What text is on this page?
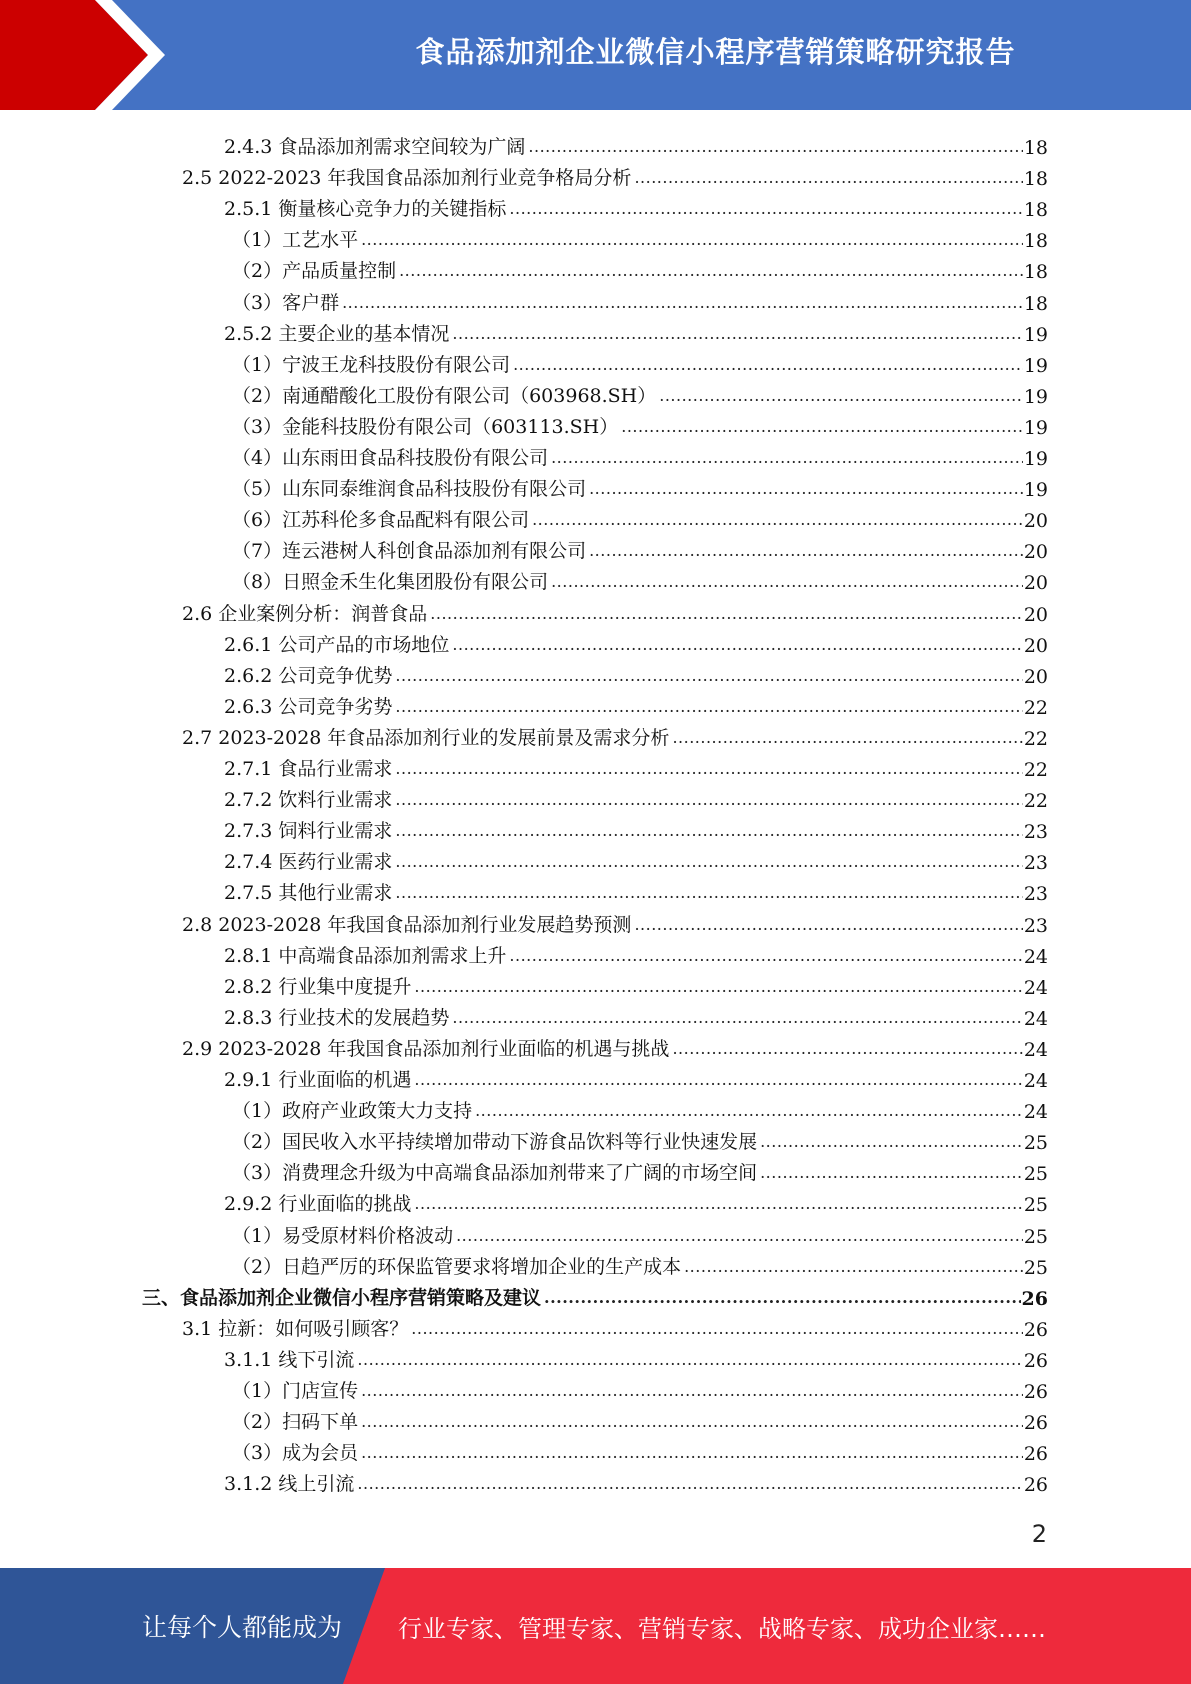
食品添加剂企业微信小程序营销策略研究报告
2.4.3 食品添加剂需求空间较为广阔 .....	18
2.5 2022-2023 年我国食品添加剂行业竞争格局分析 .....	18
2.5.1 衡量核心竞争力的关键指标 .....	18
（1）工艺水平 .....	18
（2）产品质量控制 .....	18
（3）客户群 .....	18
2.5.2 主要企业的基本情况 .....	19
（1）宁波王龙科技股份有限公司 .....	19
（2）南通醋酸化工股份有限公司（603968.SH） .....	19
（3）金能科技股份有限公司（603113.SH） .....	19
（4）山东雨田食品科技股份有限公司 .....	19
（5）山东同泰维润食品科技股份有限公司 .....	19
（6）江苏科伦多食品配料有限公司 .....	20
（7）连云港树人科创食品添加剂有限公司 .....	20
（8）日照金禾生化集团股份有限公司 .....	20
2.6 企业案例分析：润普食品 .....	20
2.6.1 公司产品的市场地位 .....	20
2.6.2 公司竞争优势 .....	20
2.6.3 公司竞争劣势 .....	22
2.7 2023-2028 年食品添加剂行业的发展前景及需求分析 .....	22
2.7.1 食品行业需求 .....	22
2.7.2 饮料行业需求 .....	22
2.7.3 饲料行业需求 .....	23
2.7.4 医药行业需求 .....	23
2.7.5 其他行业需求 .....	23
2.8 2023-2028 年我国食品添加剂行业发展趋势预测 .....	23
2.8.1 中高端食品添加剂需求上升 .....	24
2.8.2 行业集中度提升 .....	24
2.8.3 行业技术的发展趋势 .....	24
2.9 2023-2028 年我国食品添加剂行业面临的机遇与挑战 .....	24
2.9.1 行业面临的机遇 .....	24
（1）政府产业政策大力支持 .....	24
（2）国民收入水平持续增加带动下游食品饮料等行业快速发展 .....	25
（3）消费理念升级为中高端食品添加剂带来了广阔的市场空间 .....	25
2.9.2 行业面临的挑战 .....	25
（1）易受原材料价格波动 .....	25
（2）日趋严厉的环保监管要求将增加企业的生产成本 .....	25
三、食品添加剂企业微信小程序营销策略及建议 .....	26
3.1 拉新：如何吸引顾客？ .....	26
3.1.1 线下引流 .....	26
（1）门店宣传 .....	26
（2）扫码下单 .....	26
（3）成为会员 .....	26
3.1.2 线上引流 .....	26
2
让每个人都能成为 行业专家、管理专家、营销专家、战略专家、成功企业家……
